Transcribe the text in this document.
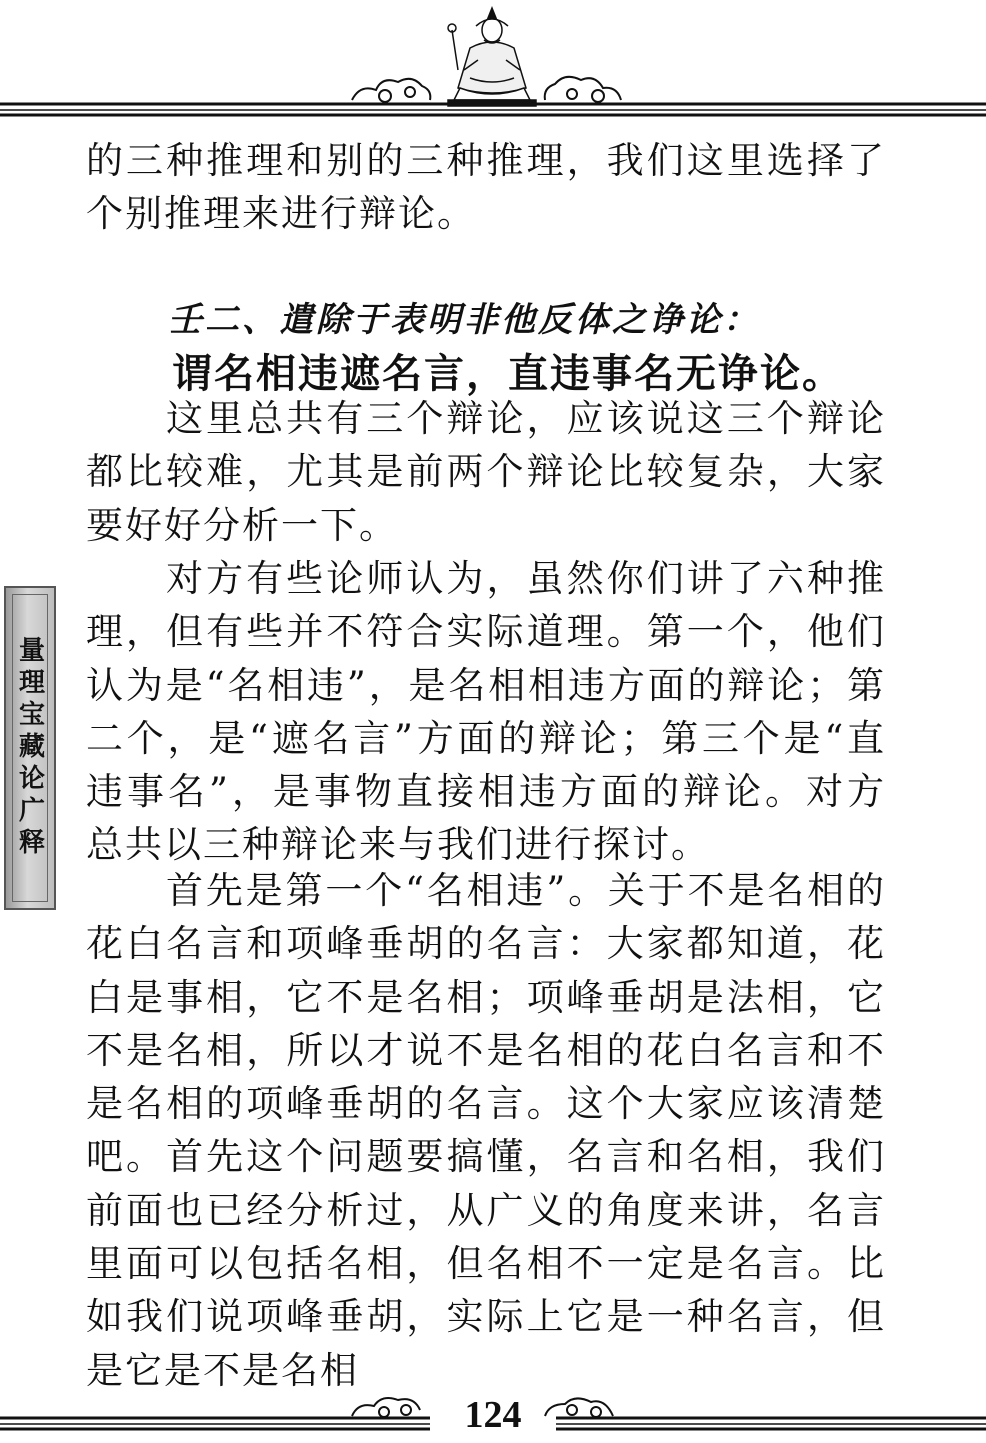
的三种推理和别的三种推理，我们这里选择了个别推理来进行辩论。

壬二、遣除于表明非他反体之诤论：
谓名相违遮名言，直违事名无诤论。

这里总共有三个辩论，应该说这三个辩论都比较难，尤其是前两个辩论比较复杂，大家要好好分析一下。

对方有些论师认为，虽然你们讲了六种推理，但有些并不符合实际道理。第一个，他们认为是“名相违”，是名相相违方面的辩论；第二个，是“遮名言”方面的辩论；第三个是“直违事名”，是事物直接相违方面的辩论。对方总共以三种辩论来与我们进行探讨。

首先是第一个“名相违”。关于不是名相的花白名言和项峰垂胡的名言：大家都知道，花白是事相，它不是名相；项峰垂胡是法相，它不是名相，所以才说不是名相的花白名言和不是名相的项峰垂胡的名言。这个大家应该清楚吧。首先这个问题要搞懂，名言和名相，我们前面也已经分析过，从广义的角度来讲，名言里面可以包括名相，但名相不一定是名言。比如我们说项峰垂胡，实际上它是一种名言，但是它是不是名相

量理宝藏论广释
124
